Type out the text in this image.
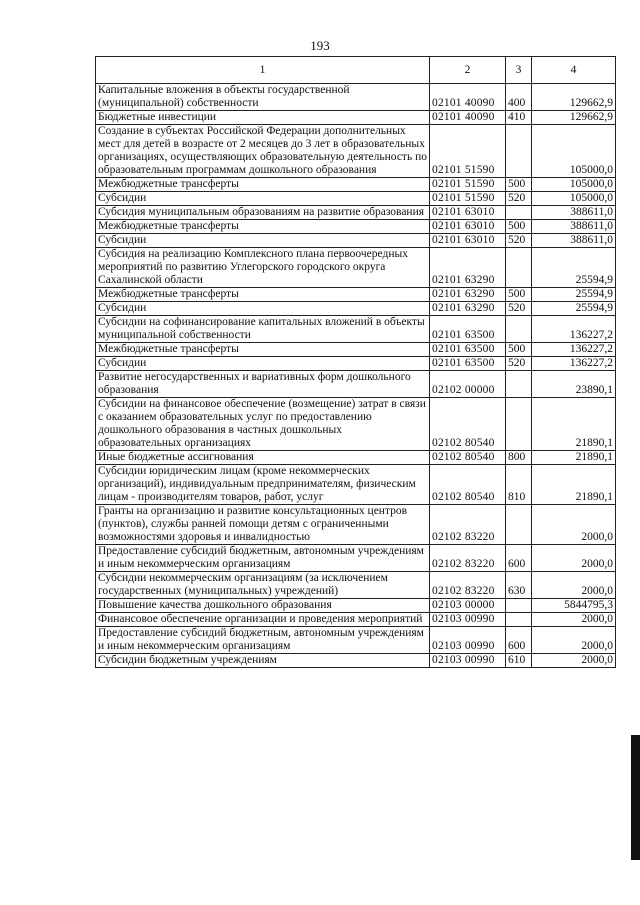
193
1	2	3	4
Капитальные вложения в объекты государственной (муниципальной) собственности	02101 40090	400	129662,9
Бюджетные инвестиции	02101 40090	410	129662,9
Создание в субъектах Российской Федерации дополнительных мест для детей в возрасте от 2 месяцев до 3 лет в образовательных организациях, осуществляющих образовательную деятельность по образовательным программам дошкольного образования	02101 51590		105000,0
Межбюджетные трансферты	02101 51590	500	105000,0
Субсидии	02101 51590	520	105000,0
Субсидия муниципальным образованиям на развитие образования	02101 63010		388611,0
Межбюджетные трансферты	02101 63010	500	388611,0
Субсидии	02101 63010	520	388611,0
Субсидия на реализацию Комплексного плана первоочередных мероприятий по развитию Углегорского городского округа Сахалинской области	02101 63290		25594,9
Межбюджетные трансферты	02101 63290	500	25594,9
Субсидии	02101 63290	520	25594,9
Субсидии на софинансирование капитальных вложений в объекты муниципальной собственности	02101 63500		136227,2
Межбюджетные трансферты	02101 63500	500	136227,2
Субсидии	02101 63500	520	136227,2
Развитие негосударственных и вариативных форм дошкольного образования	02102 00000		23890,1
Субсидии на финансовое обеспечение (возмещение) затрат в связи с оказанием образовательных услуг по предоставлению дошкольного образования в частных дошкольных образовательных организациях	02102 80540		21890,1
Иные бюджетные ассигнования	02102 80540	800	21890,1
Субсидии юридическим лицам (кроме некоммерческих организаций), индивидуальным предпринимателям, физическим лицам - производителям товаров, работ, услуг	02102 80540	810	21890,1
Гранты на организацию и развитие консультационных центров (пунктов), службы ранней помощи детям с ограниченными возможностями здоровья и инвалидностью	02102 83220		2000,0
Предоставление субсидий бюджетным, автономным учреждениям и иным некоммерческим организациям	02102 83220	600	2000,0
Субсидии некоммерческим организациям (за исключением государственных (муниципальных) учреждений)	02102 83220	630	2000,0
Повышение качества дошкольного образования	02103 00000		5844795,3
Финансовое обеспечение организации и проведения мероприятий	02103 00990		2000,0
Предоставление субсидий бюджетным, автономным учреждениям и иным некоммерческим организациям	02103 00990	600	2000,0
Субсидии бюджетным учреждениям	02103 00990	610	2000,0
